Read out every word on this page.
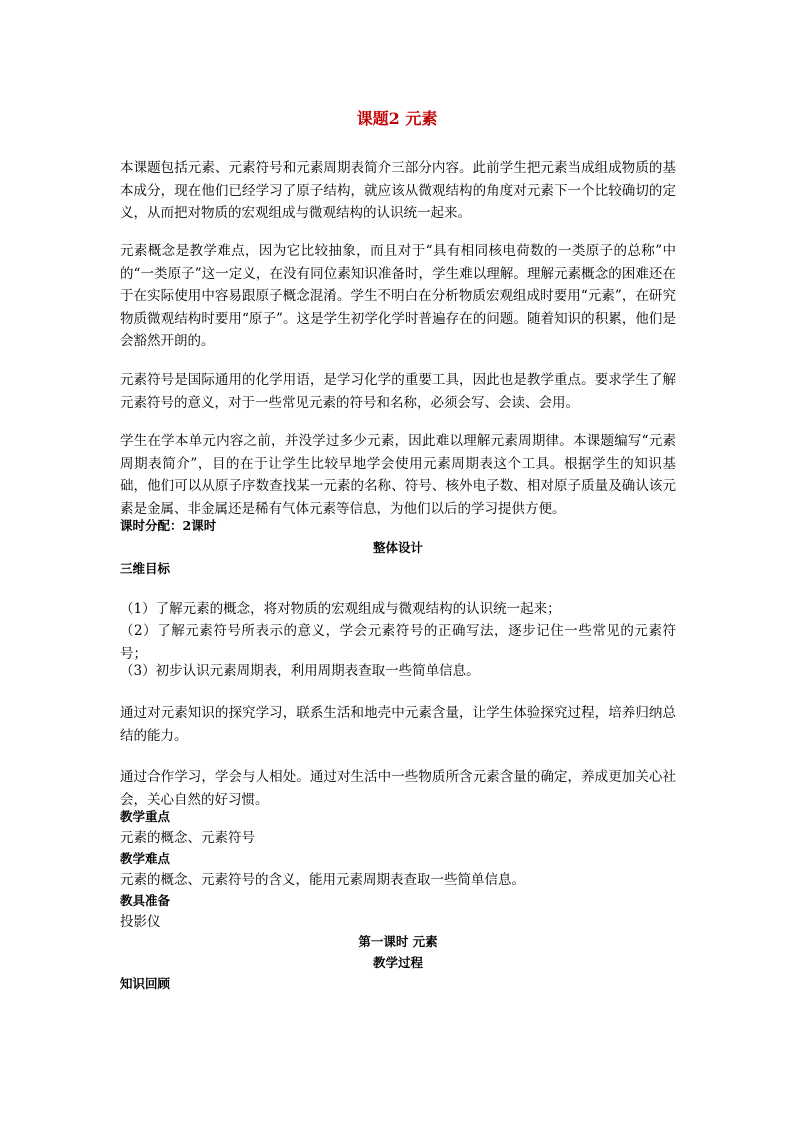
课题2 元素

本课题包括元素、元素符号和元素周期表简介三部分内容。此前学生把元素当成组成物质的基本成分，现在他们已经学习了原子结构，就应该从微观结构的角度对元素下一个比较确切的定义，从而把对物质的宏观组成与微观结构的认识统一起来。

元素概念是教学难点，因为它比较抽象，而且对于“具有相同核电荷数的一类原子的总称”中的“一类原子”这一定义，在没有同位素知识准备时，学生难以理解。理解元素概念的困难还在于在实际使用中容易跟原子概念混淆。学生不明白在分析物质宏观组成时要用“元素”，在研究物质微观结构时要用“原子”。这是学生初学化学时普遍存在的问题。随着知识的积累，他们是会豁然开朗的。

元素符号是国际通用的化学用语，是学习化学的重要工具，因此也是教学重点。要求学生了解元素符号的意义，对于一些常见元素的符号和名称，必须会写、会读、会用。

学生在学本单元内容之前，并没学过多少元素，因此难以理解元素周期律。本课题编写“元素周期表简介”，目的在于让学生比较早地学会使用元素周期表这个工具。根据学生的知识基础，他们可以从原子序数查找某一元素的名称、符号、核外电子数、相对原子质量及确认该元素是金属、非金属还是稀有气体元素等信息，为他们以后的学习提供方便。

课时分配：2课时
整体设计
三维目标

（1）了解元素的概念，将对物质的宏观组成与微观结构的认识统一起来；

（2）了解元素符号所表示的意义，学会元素符号的正确写法，逐步记住一些常见的元素符号；

（3）初步认识元素周期表，利用周期表查取一些简单信息。

通过对元素知识的探究学习，联系生活和地壳中元素含量，让学生体验探究过程，培养归纳总结的能力。

通过合作学习，学会与人相处。通过对生活中一些物质所含元素含量的确定，养成更加关心社会，关心自然的好习惯。

教学重点

元素的概念、元素符号

教学难点

元素的概念、元素符号的含义，能用元素周期表查取一些简单信息。

教具准备

投影仪

第一课时 元素
教学过程
知识回顾
